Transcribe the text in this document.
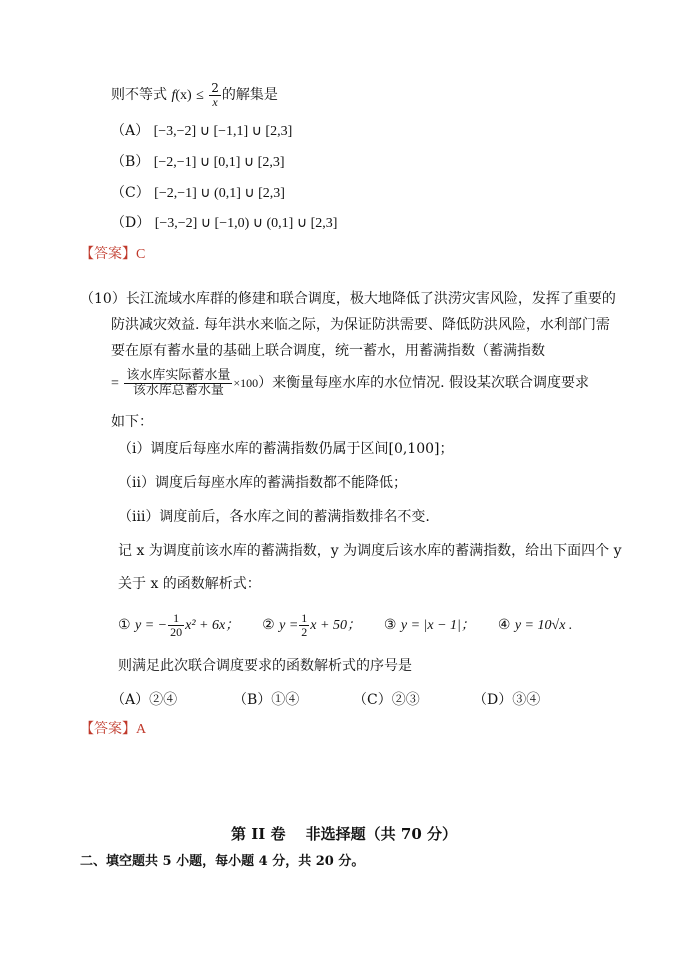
则不等式 $f(x) \le \frac{2}{x}$ 的解集是
（A） [−3,−2] ∪ [−1,1] ∪ [2,3]
（B） [−2,−1] ∪ [0,1] ∪ [2,3]
（C） [−2,−1] ∪ (0,1] ∪ [2,3]
（D） [−3,−2] ∪ [−1,0) ∪ (0,1] ∪ [2,3]
【答案】C
（10）长江流域水库群的修建和联合调度，极大地降低了洪涝灾害风险，发挥了重要的
防洪减灾效益. 每年洪水来临之际，为保证防洪需要、降低防洪风险，水利部门需
要在原有蓄水量的基础上联合调度，统一蓄水，用蓄满指数（蓄满指数
= $\frac{\text{该水库实际蓄水量}}{\text{该水库总蓄水量}} \times 100$）来衡量每座水库的水位情况. 假设某次联合调度要求
如下：
（ⅰ）调度后每座水库的蓄满指数仍属于区间[0,100]；
（ⅱ）调度后每座水库的蓄满指数都不能降低；
（ⅲ）调度前后，各水库之间的蓄满指数排名不变.
记 x 为调度前该水库的蓄满指数，y 为调度后该水库的蓄满指数，给出下面四个 y
关于 x 的函数解析式：
① y = − $\frac{1}{20} x^2 + 6x$； ② $y = \frac{1}{2}$ x + 50； ③ y = |x − 1|； ④ y = 10√x .
则满足此次联合调度要求的函数解析式的序号是
（A）②④	（B）①④	（C）②③	（D）③④
【答案】A
第 II 卷　 非选择题（共 70 分）
二、填空题共 5 小题，每小题 4 分，共 20 分。
